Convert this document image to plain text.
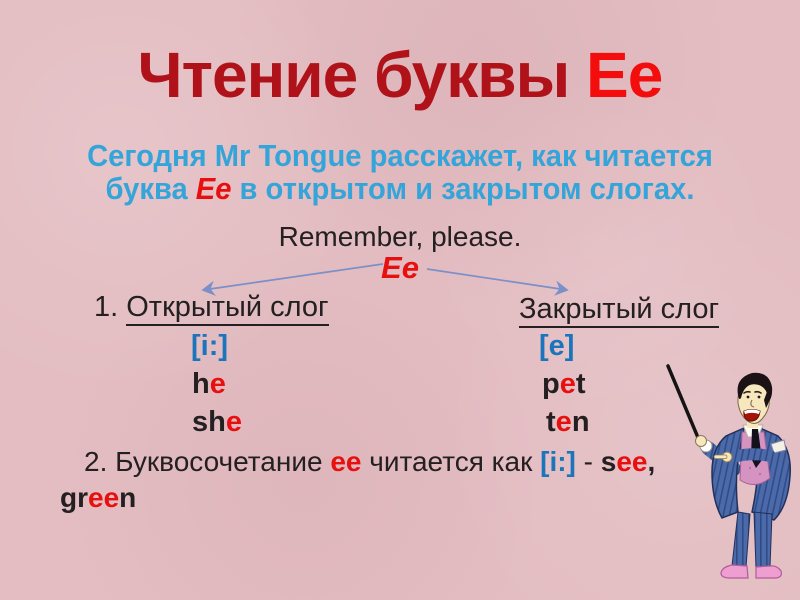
Чтение буквы Ее
Сегодня Mr Tongue расскажет, как читается
буква Ее в открытом и закрытом слогах.
Remember, please.
Ee
1. Открытый слог	Закрытый слог
[i:]	[e]
he	pet
she	ten
2. Буквосочетание ее читается как [i:] - see,
green
